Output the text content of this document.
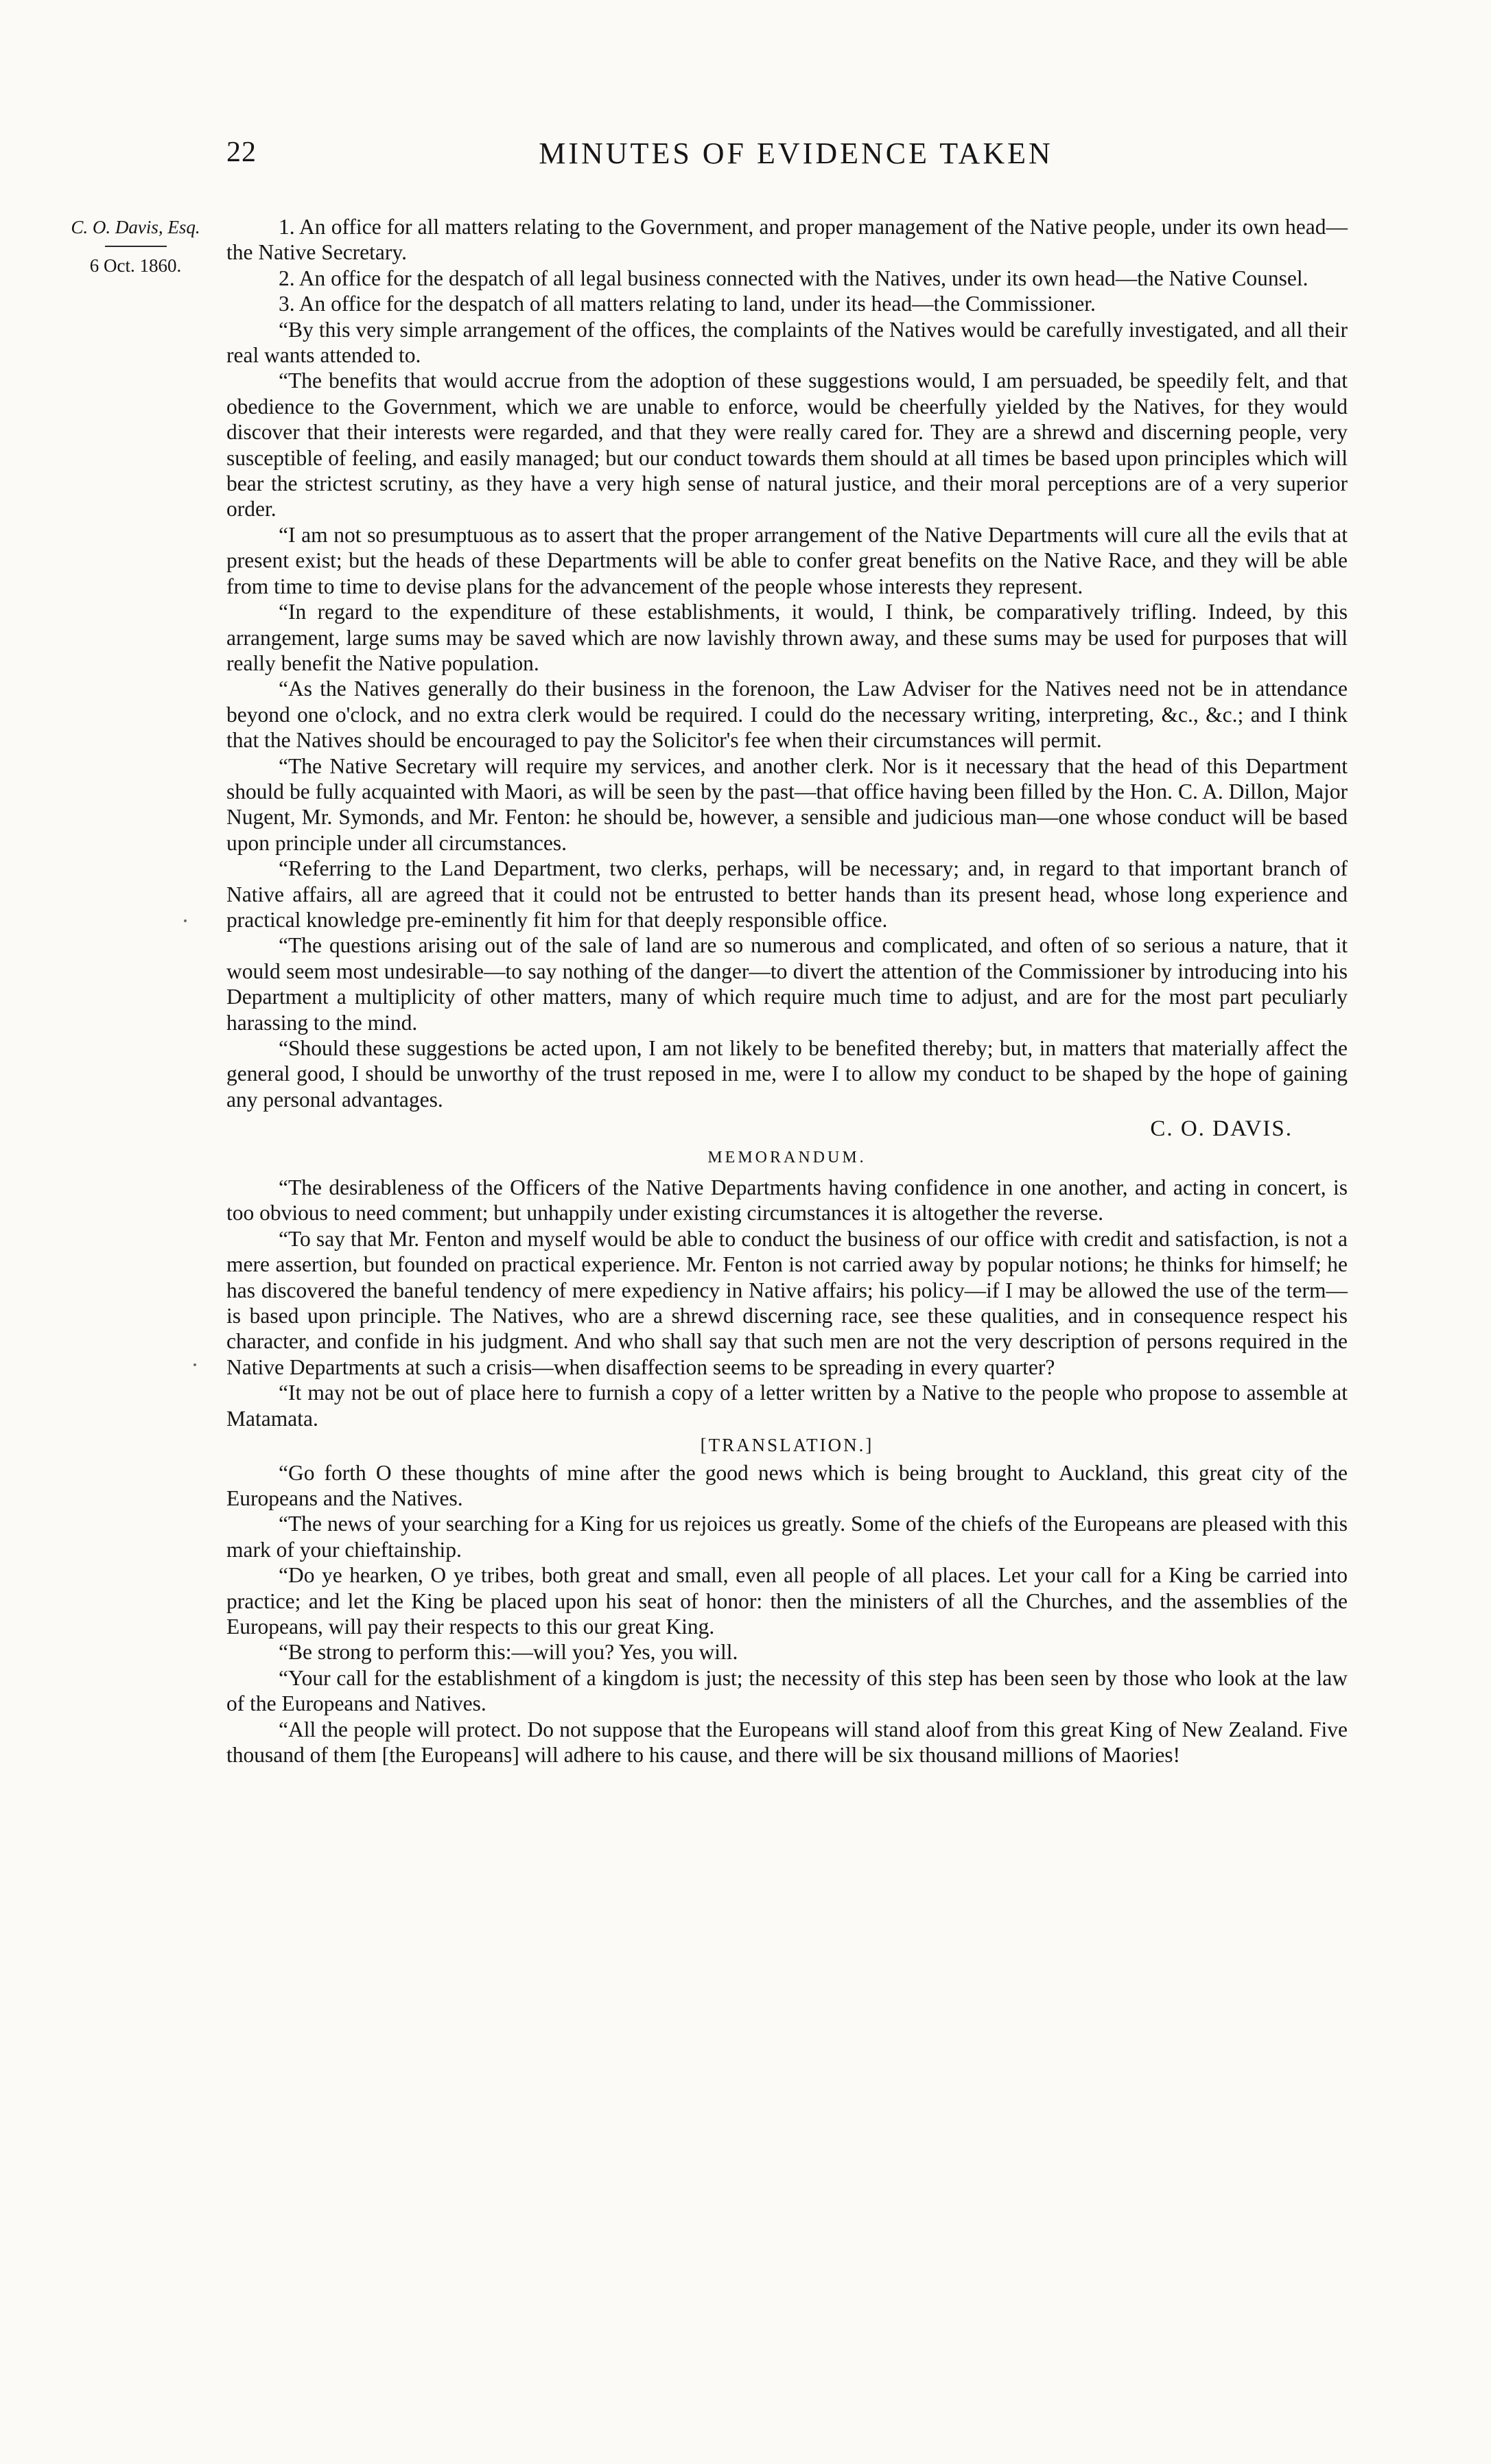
22	MINUTES OF EVIDENCE TAKEN
C. O. Davis, Esq.
6 Oct. 1860.

1. An office for all matters relating to the Government, and proper management of the Native people, under its own head—the Native Secretary.

2. An office for the despatch of all legal business connected with the Natives, under its own head—the Native Counsel.

3. An office for the despatch of all matters relating to land, under its head—the Commissioner.

“By this very simple arrangement of the offices, the complaints of the Natives would be carefully investigated, and all their real wants attended to.

“The benefits that would accrue from the adoption of these suggestions would, I am persuaded, be speedily felt, and that obedience to the Government, which we are unable to enforce, would be cheerfully yielded by the Natives, for they would discover that their interests were regarded, and that they were really cared for. They are a shrewd and discerning people, very susceptible of feeling, and easily managed; but our conduct towards them should at all times be based upon principles which will bear the strictest scrutiny, as they have a very high sense of natural justice, and their moral perceptions are of a very superior order.

“I am not so presumptuous as to assert that the proper arrangement of the Native Departments will cure all the evils that at present exist; but the heads of these Departments will be able to confer great benefits on the Native Race, and they will be able from time to time to devise plans for the advancement of the people whose interests they represent.

“In regard to the expenditure of these establishments, it would, I think, be comparatively trifling. Indeed, by this arrangement, large sums may be saved which are now lavishly thrown away, and these sums may be used for purposes that will really benefit the Native population.

“As the Natives generally do their business in the forenoon, the Law Adviser for the Natives need not be in attendance beyond one o'clock, and no extra clerk would be required. I could do the necessary writing, interpreting, &c., &c.; and I think that the Natives should be encouraged to pay the Solicitor's fee when their circumstances will permit.

“The Native Secretary will require my services, and another clerk. Nor is it necessary that the head of this Department should be fully acquainted with Maori, as will be seen by the past—that office having been filled by the Hon. C. A. Dillon, Major Nugent, Mr. Symonds, and Mr. Fenton: he should be, however, a sensible and judicious man—one whose conduct will be based upon principle under all circumstances.

“Referring to the Land Department, two clerks, perhaps, will be necessary; and, in regard to that important branch of Native affairs, all are agreed that it could not be entrusted to better hands than its present head, whose long experience and practical knowledge pre-eminently fit him for that deeply responsible office.

“The questions arising out of the sale of land are so numerous and complicated, and often of so serious a nature, that it would seem most undesirable—to say nothing of the danger—to divert the attention of the Commissioner by introducing into his Department a multiplicity of other matters, many of which require much time to adjust, and are for the most part peculiarly harassing to the mind.

“Should these suggestions be acted upon, I am not likely to be benefited thereby; but, in matters that materially affect the general good, I should be unworthy of the trust reposed in me, were I to allow my conduct to be shaped by the hope of gaining any personal advantages.

C. O. DAVIS.
MEMORANDUM.

“The desirableness of the Officers of the Native Departments having confidence in one another, and acting in concert, is too obvious to need comment; but unhappily under existing circumstances it is altogether the reverse.

“To say that Mr. Fenton and myself would be able to conduct the business of our office with credit and satisfaction, is not a mere assertion, but founded on practical experience. Mr. Fenton is not carried away by popular notions; he thinks for himself; he has discovered the baneful tendency of mere expediency in Native affairs; his policy—if I may be allowed the use of the term—is based upon principle. The Natives, who are a shrewd discerning race, see these qualities, and in consequence respect his character, and confide in his judgment. And who shall say that such men are not the very description of persons required in the Native Departments at such a crisis—when disaffection seems to be spreading in every quarter?

“It may not be out of place here to furnish a copy of a letter written by a Native to the people who propose to assemble at Matamata.

[TRANSLATION.]

“Go forth O these thoughts of mine after the good news which is being brought to Auckland, this great city of the Europeans and the Natives.

“The news of your searching for a King for us rejoices us greatly. Some of the chiefs of the Europeans are pleased with this mark of your chieftainship.

“Do ye hearken, O ye tribes, both great and small, even all people of all places. Let your call for a King be carried into practice; and let the King be placed upon his seat of honor: then the ministers of all the Churches, and the assemblies of the Europeans, will pay their respects to this our great King.

“Be strong to perform this:—will you? Yes, you will.

“Your call for the establishment of a kingdom is just; the necessity of this step has been seen by those who look at the law of the Europeans and Natives.

“All the people will protect. Do not suppose that the Europeans will stand aloof from this great King of New Zealand. Five thousand of them [the Europeans] will adhere to his cause, and there will be six thousand millions of Maories!
